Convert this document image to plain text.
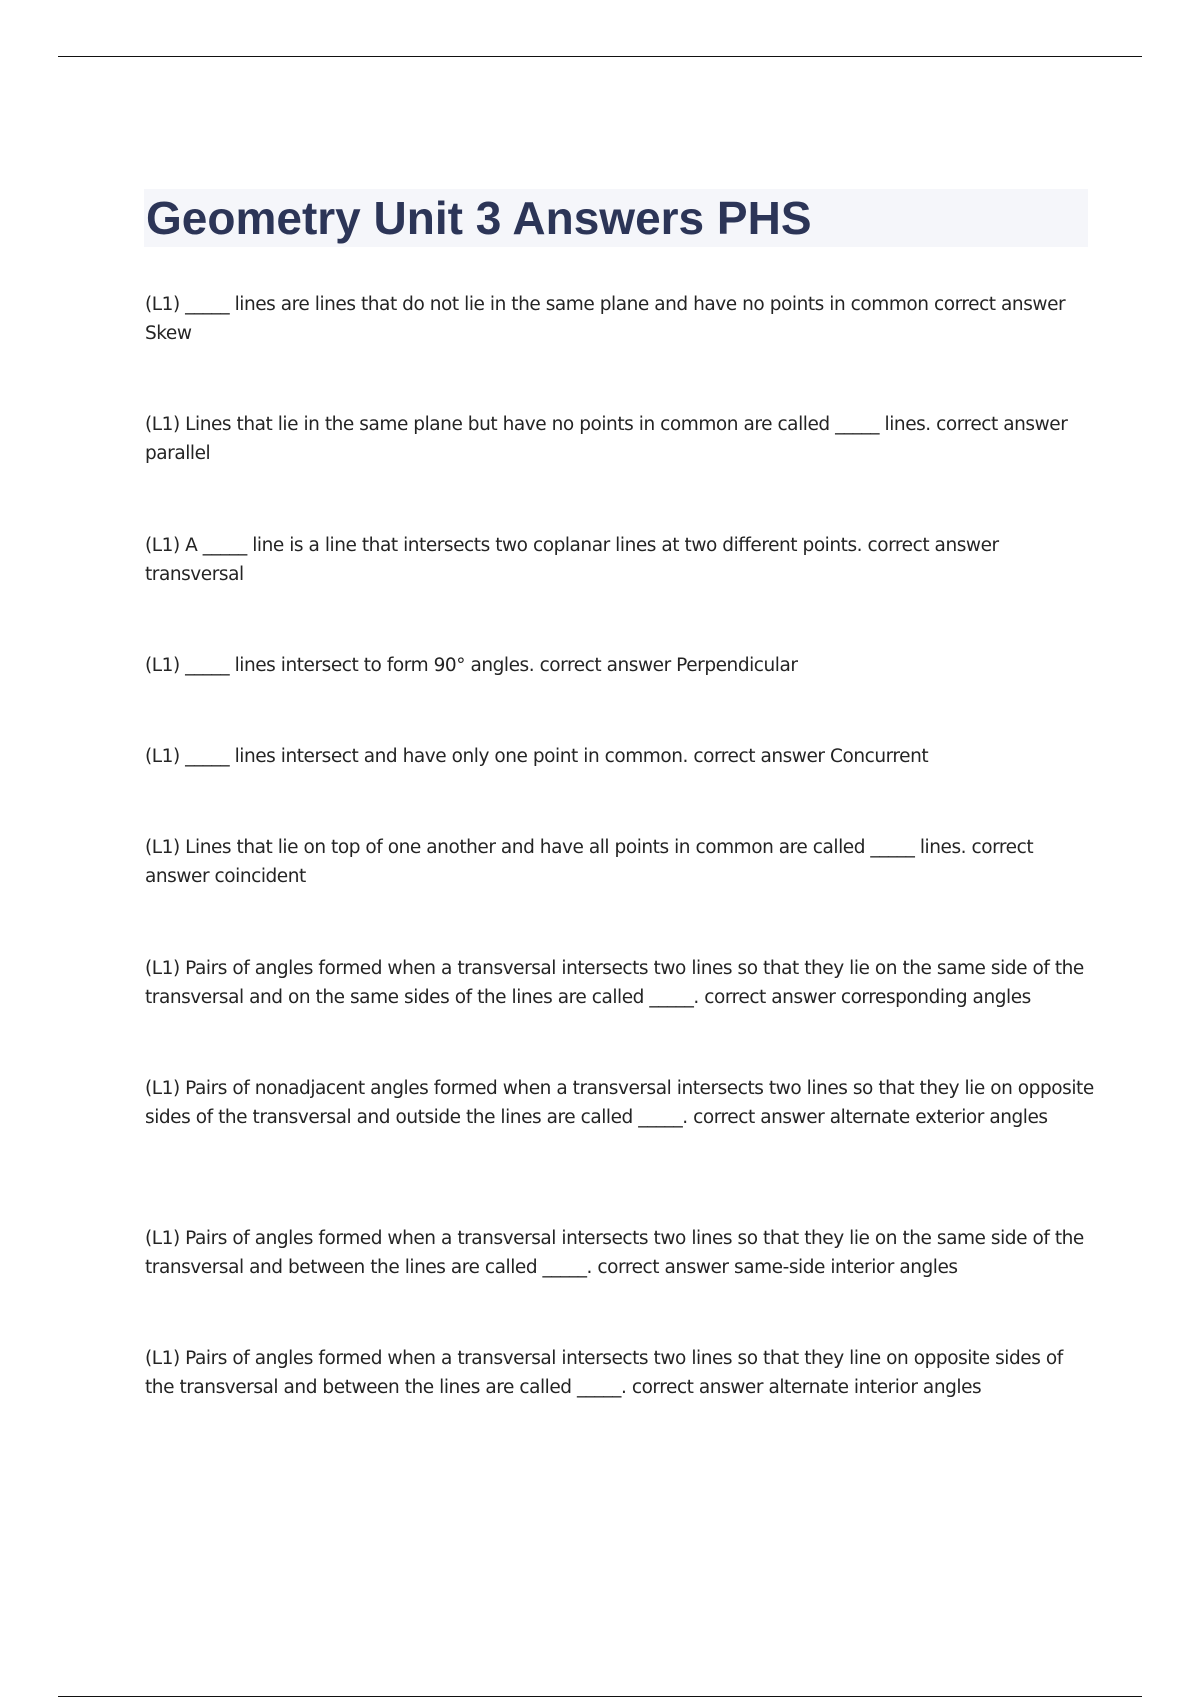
Geometry Unit 3 Answers PHS

(L1) _____ lines are lines that do not lie in the same plane and have no points in common correct answer Skew

(L1) Lines that lie in the same plane but have no points in common are called _____ lines. correct answer parallel

(L1) A _____ line is a line that intersects two coplanar lines at two different points. correct answer transversal

(L1) _____ lines intersect to form 90° angles. correct answer Perpendicular

(L1) _____ lines intersect and have only one point in common. correct answer Concurrent

(L1) Lines that lie on top of one another and have all points in common are called _____ lines. correct answer coincident

(L1) Pairs of angles formed when a transversal intersects two lines so that they lie on the same side of the transversal and on the same sides of the lines are called _____. correct answer corresponding angles

(L1) Pairs of nonadjacent angles formed when a transversal intersects two lines so that they lie on opposite sides of the transversal and outside the lines are called _____. correct answer alternate exterior angles

(L1) Pairs of angles formed when a transversal intersects two lines so that they lie on the same side of the transversal and between the lines are called _____. correct answer same-side interior angles

(L1) Pairs of angles formed when a transversal intersects two lines so that they line on opposite sides of the transversal and between the lines are called _____. correct answer alternate interior angles
